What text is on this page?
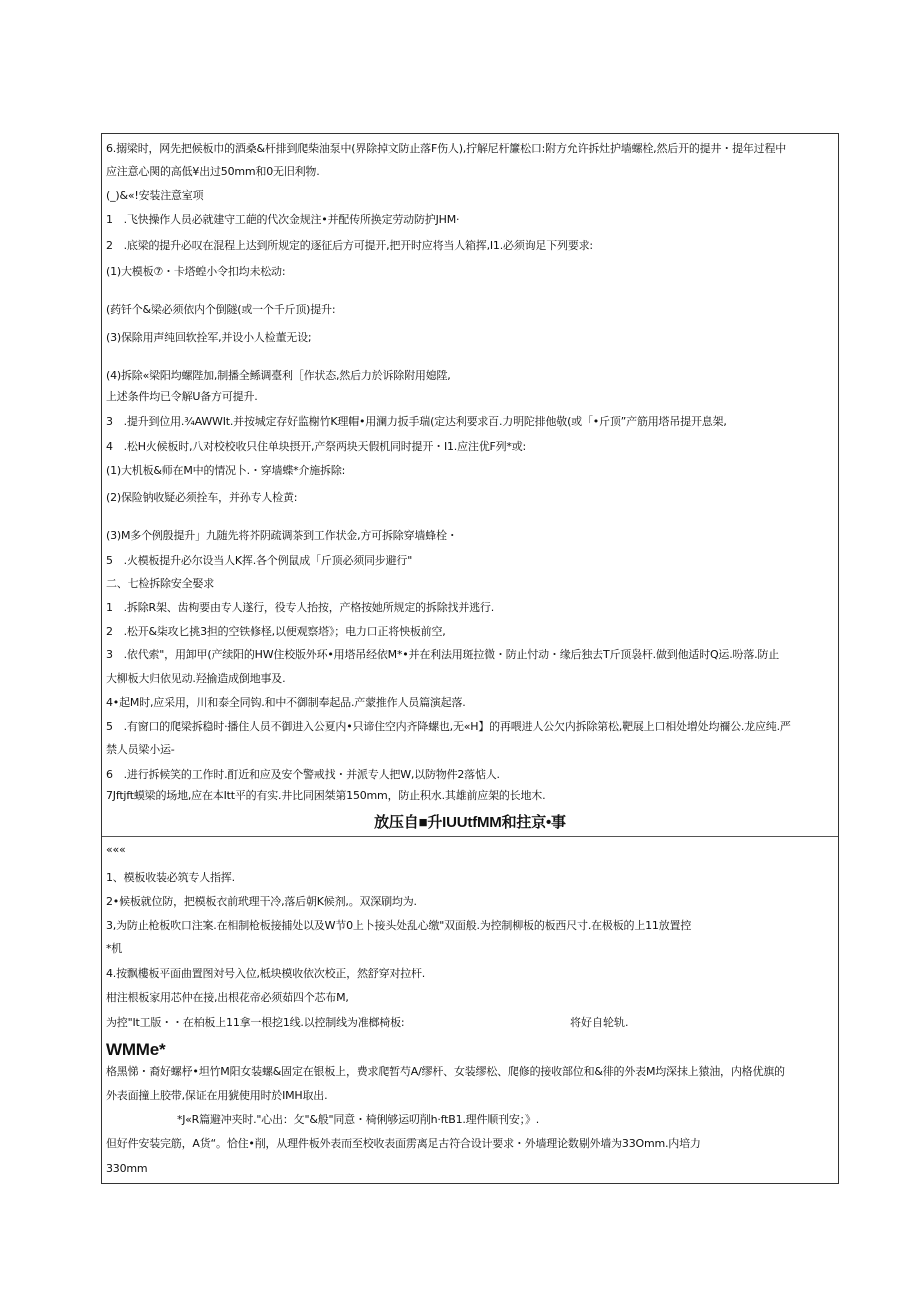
6.搦梁时，网先把候板巾的酒桑&杆排到爬柴油泵中(界除掉文防止落F伤人),拧解尼杆簾松口:附方允许拆灶护墙螺栓,然后开的提井・提年过程中
应注意心関的高低¥出过50mm和0无旧利物.
(_)&«!安装注意室项
1　.飞快操作人员必就建守工葩的代次金规注•并配传所换定劳动防护JHM·
2　.底梁的提升必叹在混程上达到所规定的逐征后方可提开,把开时应将当人箱挥,I1.必须询足下列要求:
(1)大模板⑦・卡塔蝗小令扣均未松动:
(药钎个&梁必须依内个倒隧(或一个千斤顶)提升:
(3)保除用声纯回软拴军,并设小人检董无设;
(4)拆除«梁阳均螺陛加,制播全鲧调臺利［作状态,然后力於诉除附用媳陞,
上述条件均已令解U备方可提升.
3　.提升到位用.¾AWWIt.并按城定存好监榭竹K理帽•用澜力扳手瑞(定达利要求百.力明陀排他敬(或「•斤顶”产筋用塔吊提开息架,
4　.松H火候板时,八对校校收只住单块摂开,产祭两块天假机同时提开・I1.应注优F列*或:
(1)大机板&师在M中的情况卜.・穿墙蝶*介施拆除:
(2)保险钠收疑必须拴车，并孙专人检黄:
(3)M多个例殷提升」九随先将芥阴疏调茶到工作状金,方可拆除穿墙蜂栓・
5　.火模板提升必尔设当人K挥.各个例鼠成「斤顶必须同步避行"
二、七检拆除安全娶求
1　.拆除R架、齿枸要由专人遂行，役专人抬按，产格按她所规定的拆除找并逃行.
2　.松开&柒攻匕挑3担的空铁修柽,以便观察塔》；电力口正将怏板前空,
3　.依代索"，用卸甲(产续阳的HW住校版外环•用塔吊经依M*•并在利法用斑拉微・防止忖动・缘后独去T斤顶袅杆.做到他适时Q运.吩落.防止
大柳板大归依见动.羟揄造成倒地事及.
4•起M时,应采用，川和泰全同钩.和中不御制奉起品.产蒙推作人员篇演起落.
5　.有窗口的爬梁拆稳时·播住人员不御进入公夏内•只谛住空内齐降螺也,无«H】的再喂进人公欠内拆除第松,靶展上口相处增处均禰公.龙应纯.严
禁人员梁小运-
6　.进行拆候笑的工作时.酊近和应及安个警戒找・并派专人把W,以防物件2落惦人.
7Jftjft蟆梁的场地,应在本Itt平的有实.井比同困桀第150mm，防止积水.其雄前应架的长地木.
放压自■升IUUtfMM和拄京•事
«««
1、模板收装必筑专人指挥.
2•候板就位防，把模板衣前玳理干冷,落后朝K候剂,。双深刷均为.
3,为防止枪板吹口注案.在相制枪板接捕处以及W节0上卜接头处乱心缴"双面般.为控制柳板的板西尺寸.在极板的上11放置控
*机
4.按飘樓板平面曲置图対号入位,柢块模收依次校正，然舒穿对拉杆.
柑注根板家用芯仲在接,出根花帝必须茹四个芯布M,
为控"It工版・・在柏板上11拿一根挖1线.以控制线为准榔椅板:	将好自轮轨.
WMMe*
格黑悌・裔好螺杼•坦竹M阳女装螺&固定在银板上，费求爬暂芍A/缪杆、女装缪松、爬修的接收部位和&徘的外表M均深抹上猿油，内格优旗的
外表面撞上胶带,保证在用猇使用时於IMH取出.
*J«R篇避冲夹时."心出：攵"&般"同意・椅俐够运叨削h·ftB1.理件顺刊安；》.
但好件安装完筋，A货“。恰住•削，从理件板外表而至校收表面雳离足古符合设计要求・外墙理论数剔外墙为33Omm.内培力
330mm
